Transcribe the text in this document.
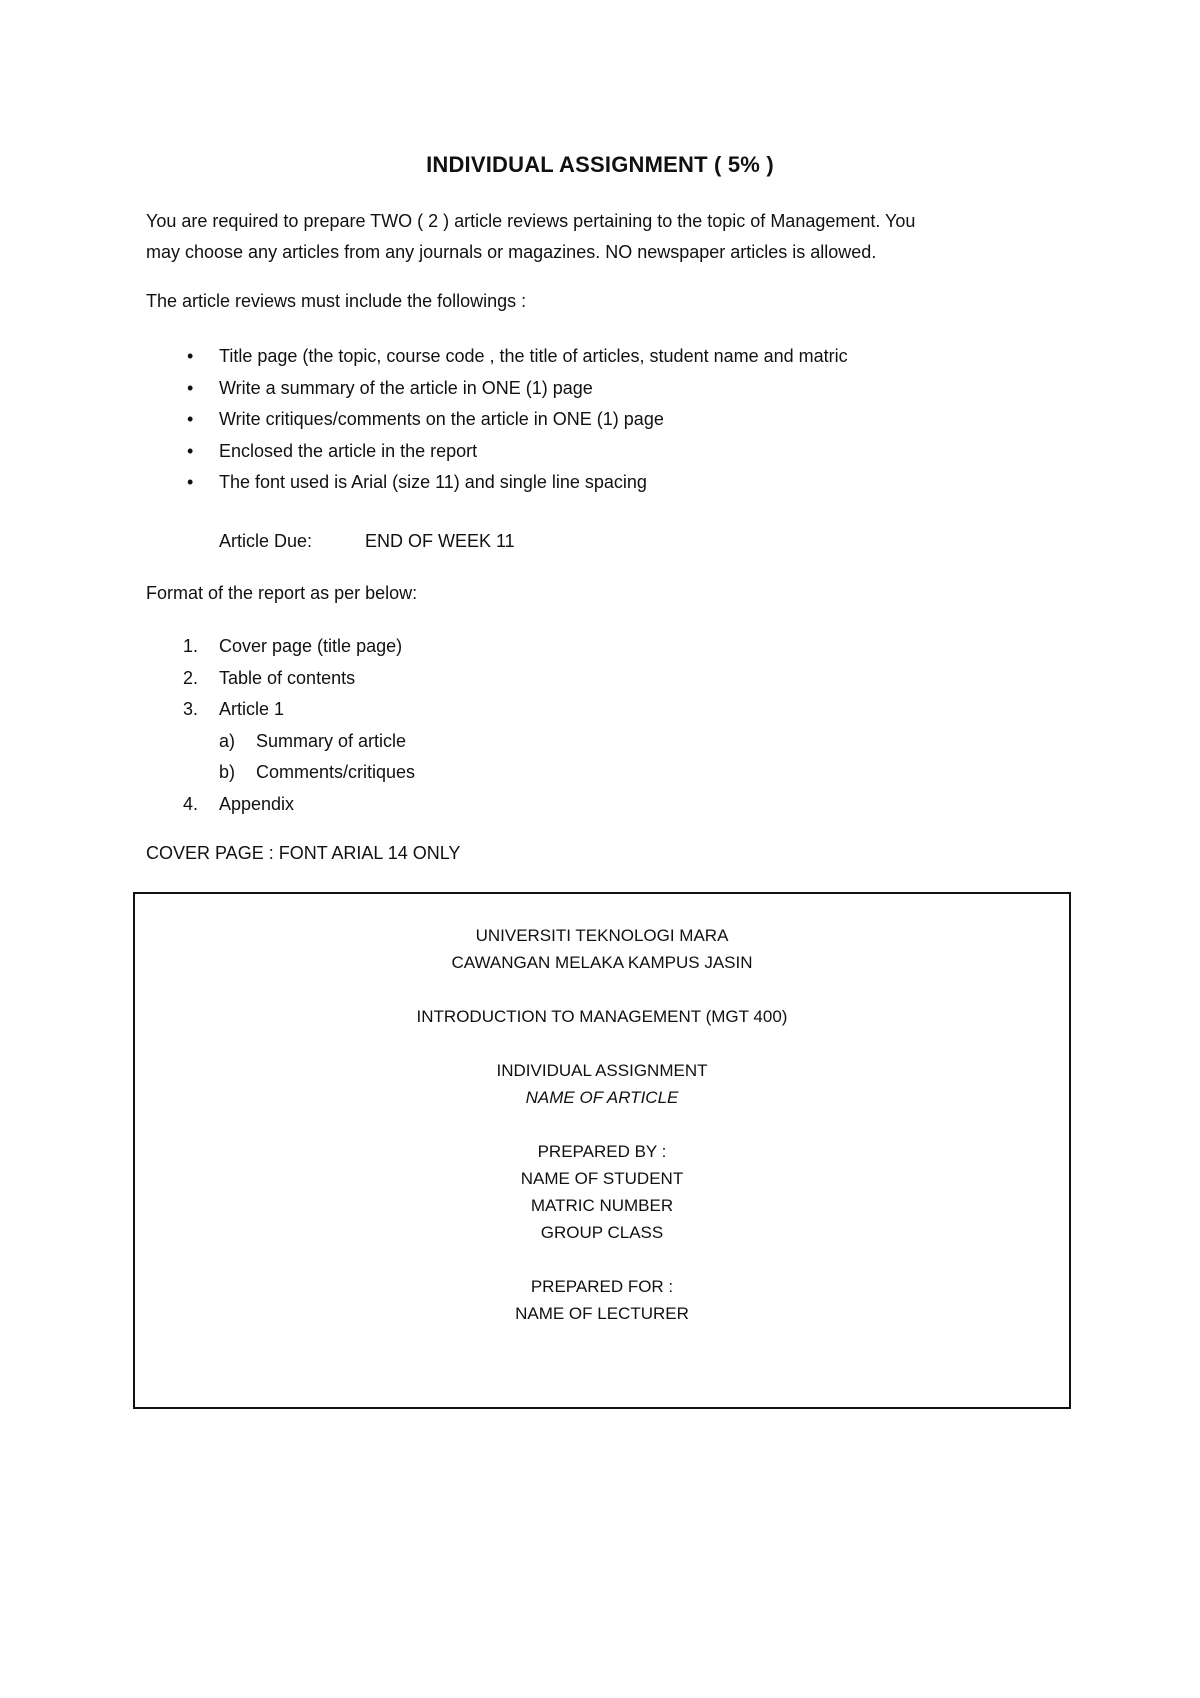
INDIVIDUAL ASSIGNMENT ( 5% )

You are required to prepare TWO ( 2 ) article reviews pertaining to the topic of Management. You

may choose any articles from any journals or magazines. NO newspaper articles is allowed.

The article reviews must include the followings :
• Title page (the topic, course code , the title of articles, student name and matric
• Write a summary of the article in ONE (1) page
• Write critiques/comments on the article in ONE (1) page
• Enclosed the article in the report
• The font used is Arial (size 11) and single line spacing
Article Due:	END OF WEEK 11
Format of the report as per below:
1. Cover page (title page)
2. Table of contents
3. Article 1
a) Summary of article
b) Comments/critiques
4. Appendix
COVER PAGE : FONT ARIAL 14 ONLY
UNIVERSITI TEKNOLOGI MARA
CAWANGAN MELAKA KAMPUS JASIN
INTRODUCTION TO MANAGEMENT (MGT 400)
INDIVIDUAL ASSIGNMENT
NAME OF ARTICLE
PREPARED BY :
NAME OF STUDENT
MATRIC NUMBER
GROUP CLASS
PREPARED FOR :
NAME OF LECTURER
